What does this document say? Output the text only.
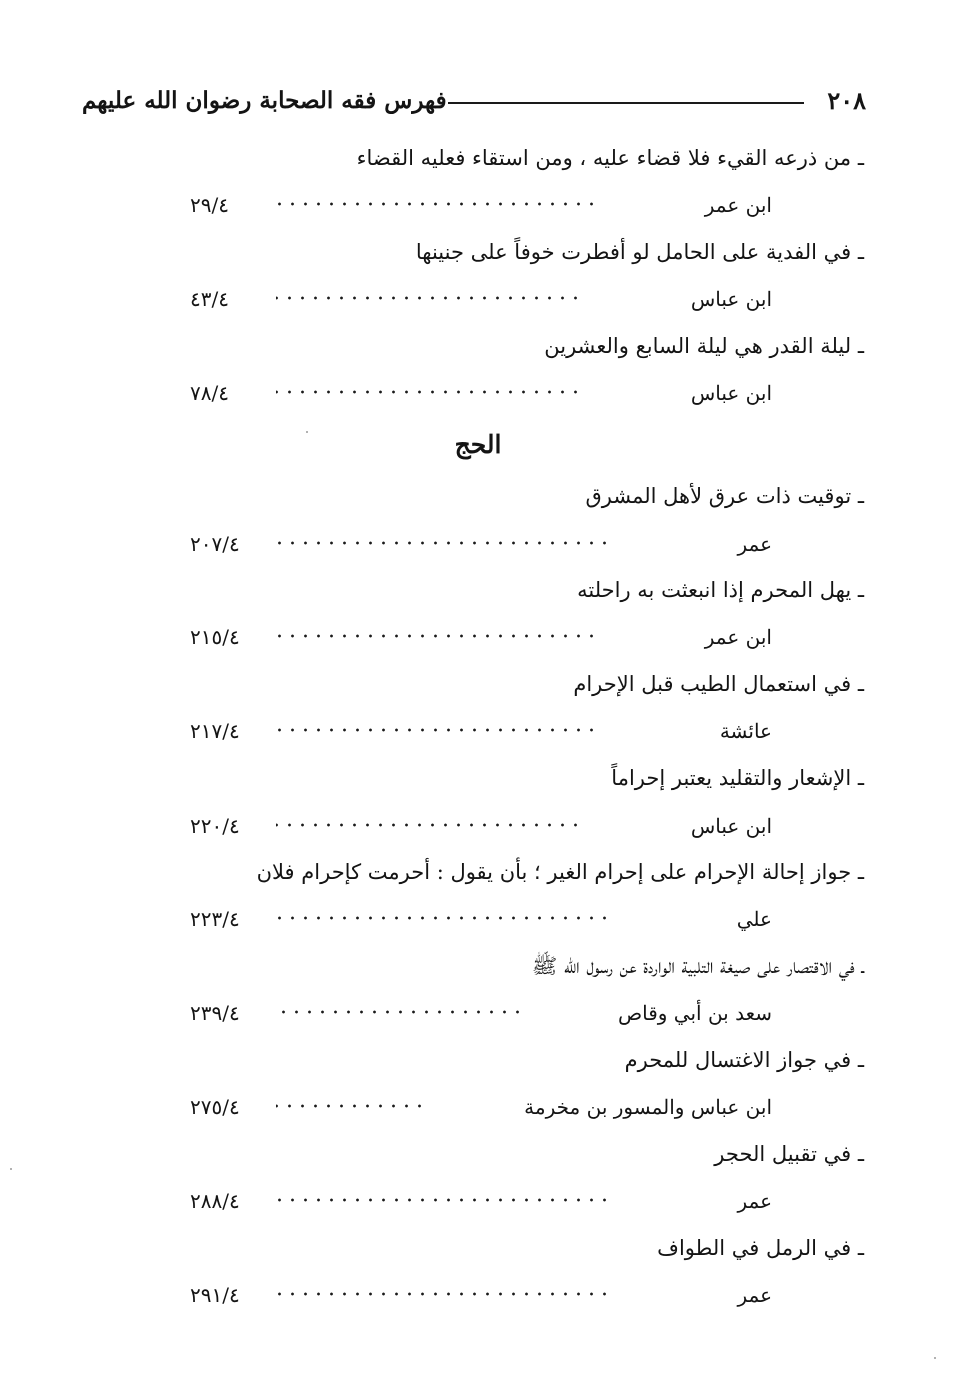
٢٠٨
فهرس فقه الصحابة رضوان الله عليهم
ـ من ذرعه القيء فلا قضاء عليه ، ومن استقاء فعليه القضاء
ابن عمر
٢٩/٤
ـ في الفدية على الحامل لو أفطرت خوفاً على جنينها
ابن عباس
٤٣/٤
ـ ليلة القدر هي ليلة السابع والعشرين
ابن عباس
٧٨/٤
الحج
ـ توقيت ذات عرق لأهل المشرق
عمر
٢٠٧/٤
ـ يهل المحرم إذا انبعثت به راحلته
ابن عمر
٢١٥/٤
ـ في استعمال الطيب قبل الإحرام
عائشة
٢١٧/٤
ـ الإشعار والتقليد يعتبر إحراماً
ابن عباس
٢٢٠/٤
ـ جواز إحالة الإحرام على إحرام الغير ؛ بأن يقول : أحرمت كإحرام فلان
علي
٢٢٣/٤
ـ في الاقتصار على صيغة التلبية الواردة عن رسول الله ﷺ
سعد بن أبي وقاص
٢٣٩/٤
ـ في جواز الاغتسال للمحرم
ابن عباس والمسور بن مخرمة
٢٧٥/٤
ـ في تقبيل الحجر
عمر
٢٨٨/٤
ـ في الرمل في الطواف
عمر
٢٩١/٤
